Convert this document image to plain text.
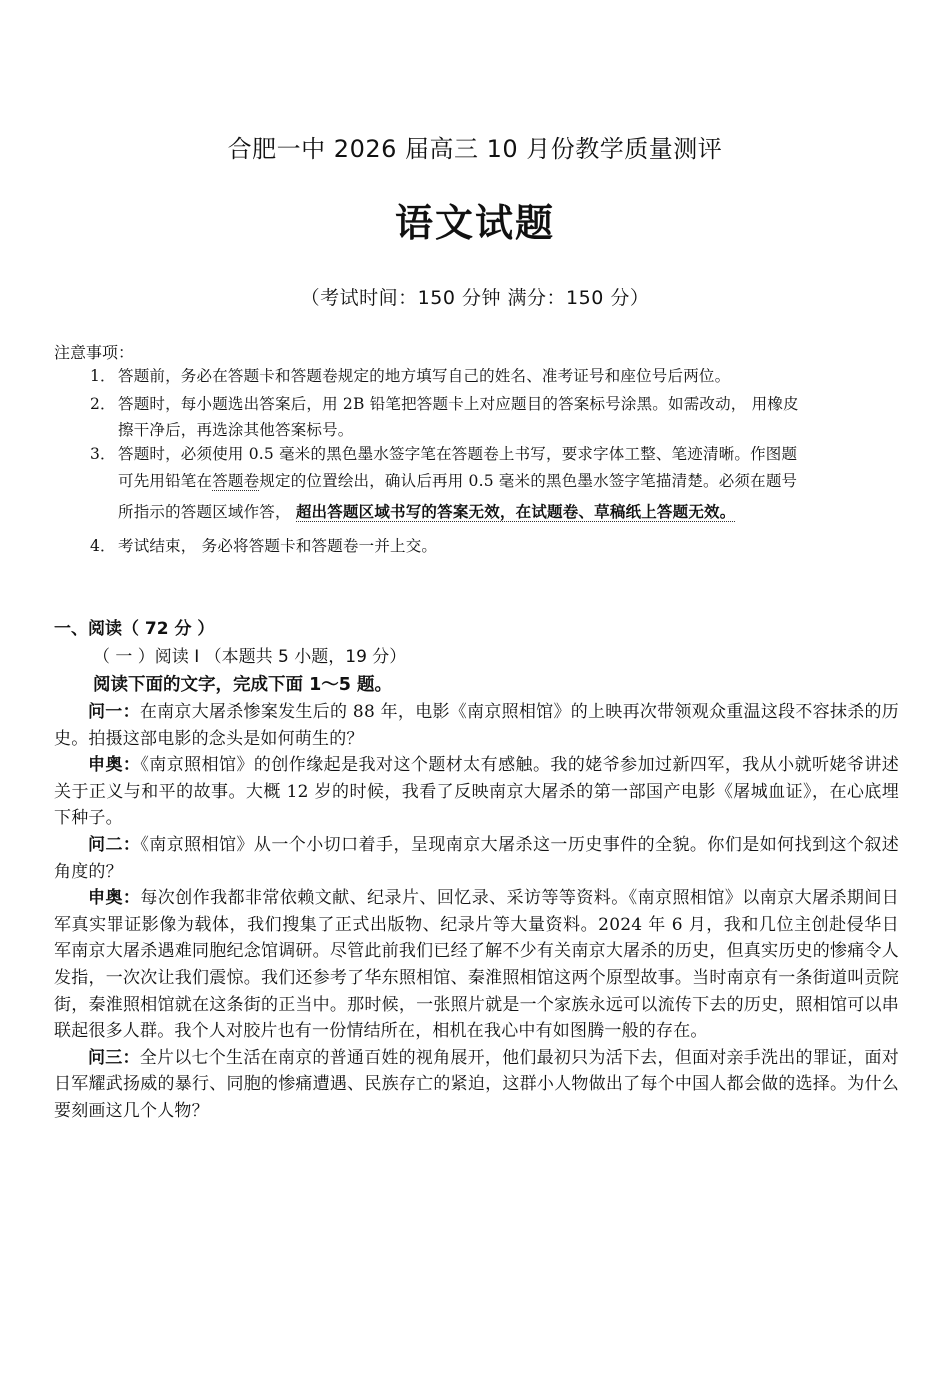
合肥一中 2026 届高三 10 月份教学质量测评
语文试题
（考试时间：150 分钟 满分：150 分）
注意事项：
1． 答题前，务必在答题卡和答题卷规定的地方填写自己的姓名、准考证号和座位号后两位。
2． 答题时，每小题选出答案后，用 2B 铅笔把答题卡上对应题目的答案标号涂黑。如需改动， 用橡皮
擦干净后，再选涂其他答案标号。
3． 答题时，必须使用 0.5 毫米的黑色墨水签字笔在答题卷上书写，要求字体工整、笔迹清晰。作图题
可先用铅笔在答题卷规定的位置绘出，确认后再用 0.5 毫米的黑色墨水签字笔描清楚。必须在题号
所指示的答题区域作答， 超出答题区域书写的答案无效，在试题卷、草稿纸上答题无效。
4． 考试结束， 务必将答题卡和答题卷一并上交。
一、阅读（ 72 分 ）
（ 一 ）阅读 I （本题共 5 小题，19 分）
阅读下面的文字，完成下面 1～5 题。

问一：在南京大屠杀惨案发生后的 88 年，电影《南京照相馆》的上映再次带领观众重温这段不容抹杀的历史。拍摄这部电影的念头是如何萌生的？

申奥：《南京照相馆》的创作缘起是我对这个题材太有感触。我的姥爷参加过新四军，我从小就听姥爷讲述关于正义与和平的故事。大概 12 岁的时候，我看了反映南京大屠杀的第一部国产电影《屠城血证》，在心底埋下种子。

问二：《南京照相馆》从一个小切口着手，呈现南京大屠杀这一历史事件的全貌。你们是如何找到这个叙述角度的？

申奥：每次创作我都非常依赖文献、纪录片、回忆录、采访等等资料。《南京照相馆》以南京大屠杀期间日军真实罪证影像为载体，我们搜集了正式出版物、纪录片等大量资料。2024 年 6 月，我和几位主创赴侵华日军南京大屠杀遇难同胞纪念馆调研。尽管此前我们已经了解不少有关南京大屠杀的历史，但真实历史的惨痛令人发指，一次次让我们震惊。我们还参考了华东照相馆、秦淮照相馆这两个原型故事。当时南京有一条街道叫贡院街，秦淮照相馆就在这条街的正当中。那时候，一张照片就是一个家族永远可以流传下去的历史，照相馆可以串联起很多人群。我个人对胶片也有一份情结所在，相机在我心中有如图腾一般的存在。

问三：全片以七个生活在南京的普通百姓的视角展开，他们最初只为活下去，但面对亲手洗出的罪证，面对日军耀武扬威的暴行、同胞的惨痛遭遇、民族存亡的紧迫，这群小人物做出了每个中国人都会做的选择。为什么要刻画这几个人物？
